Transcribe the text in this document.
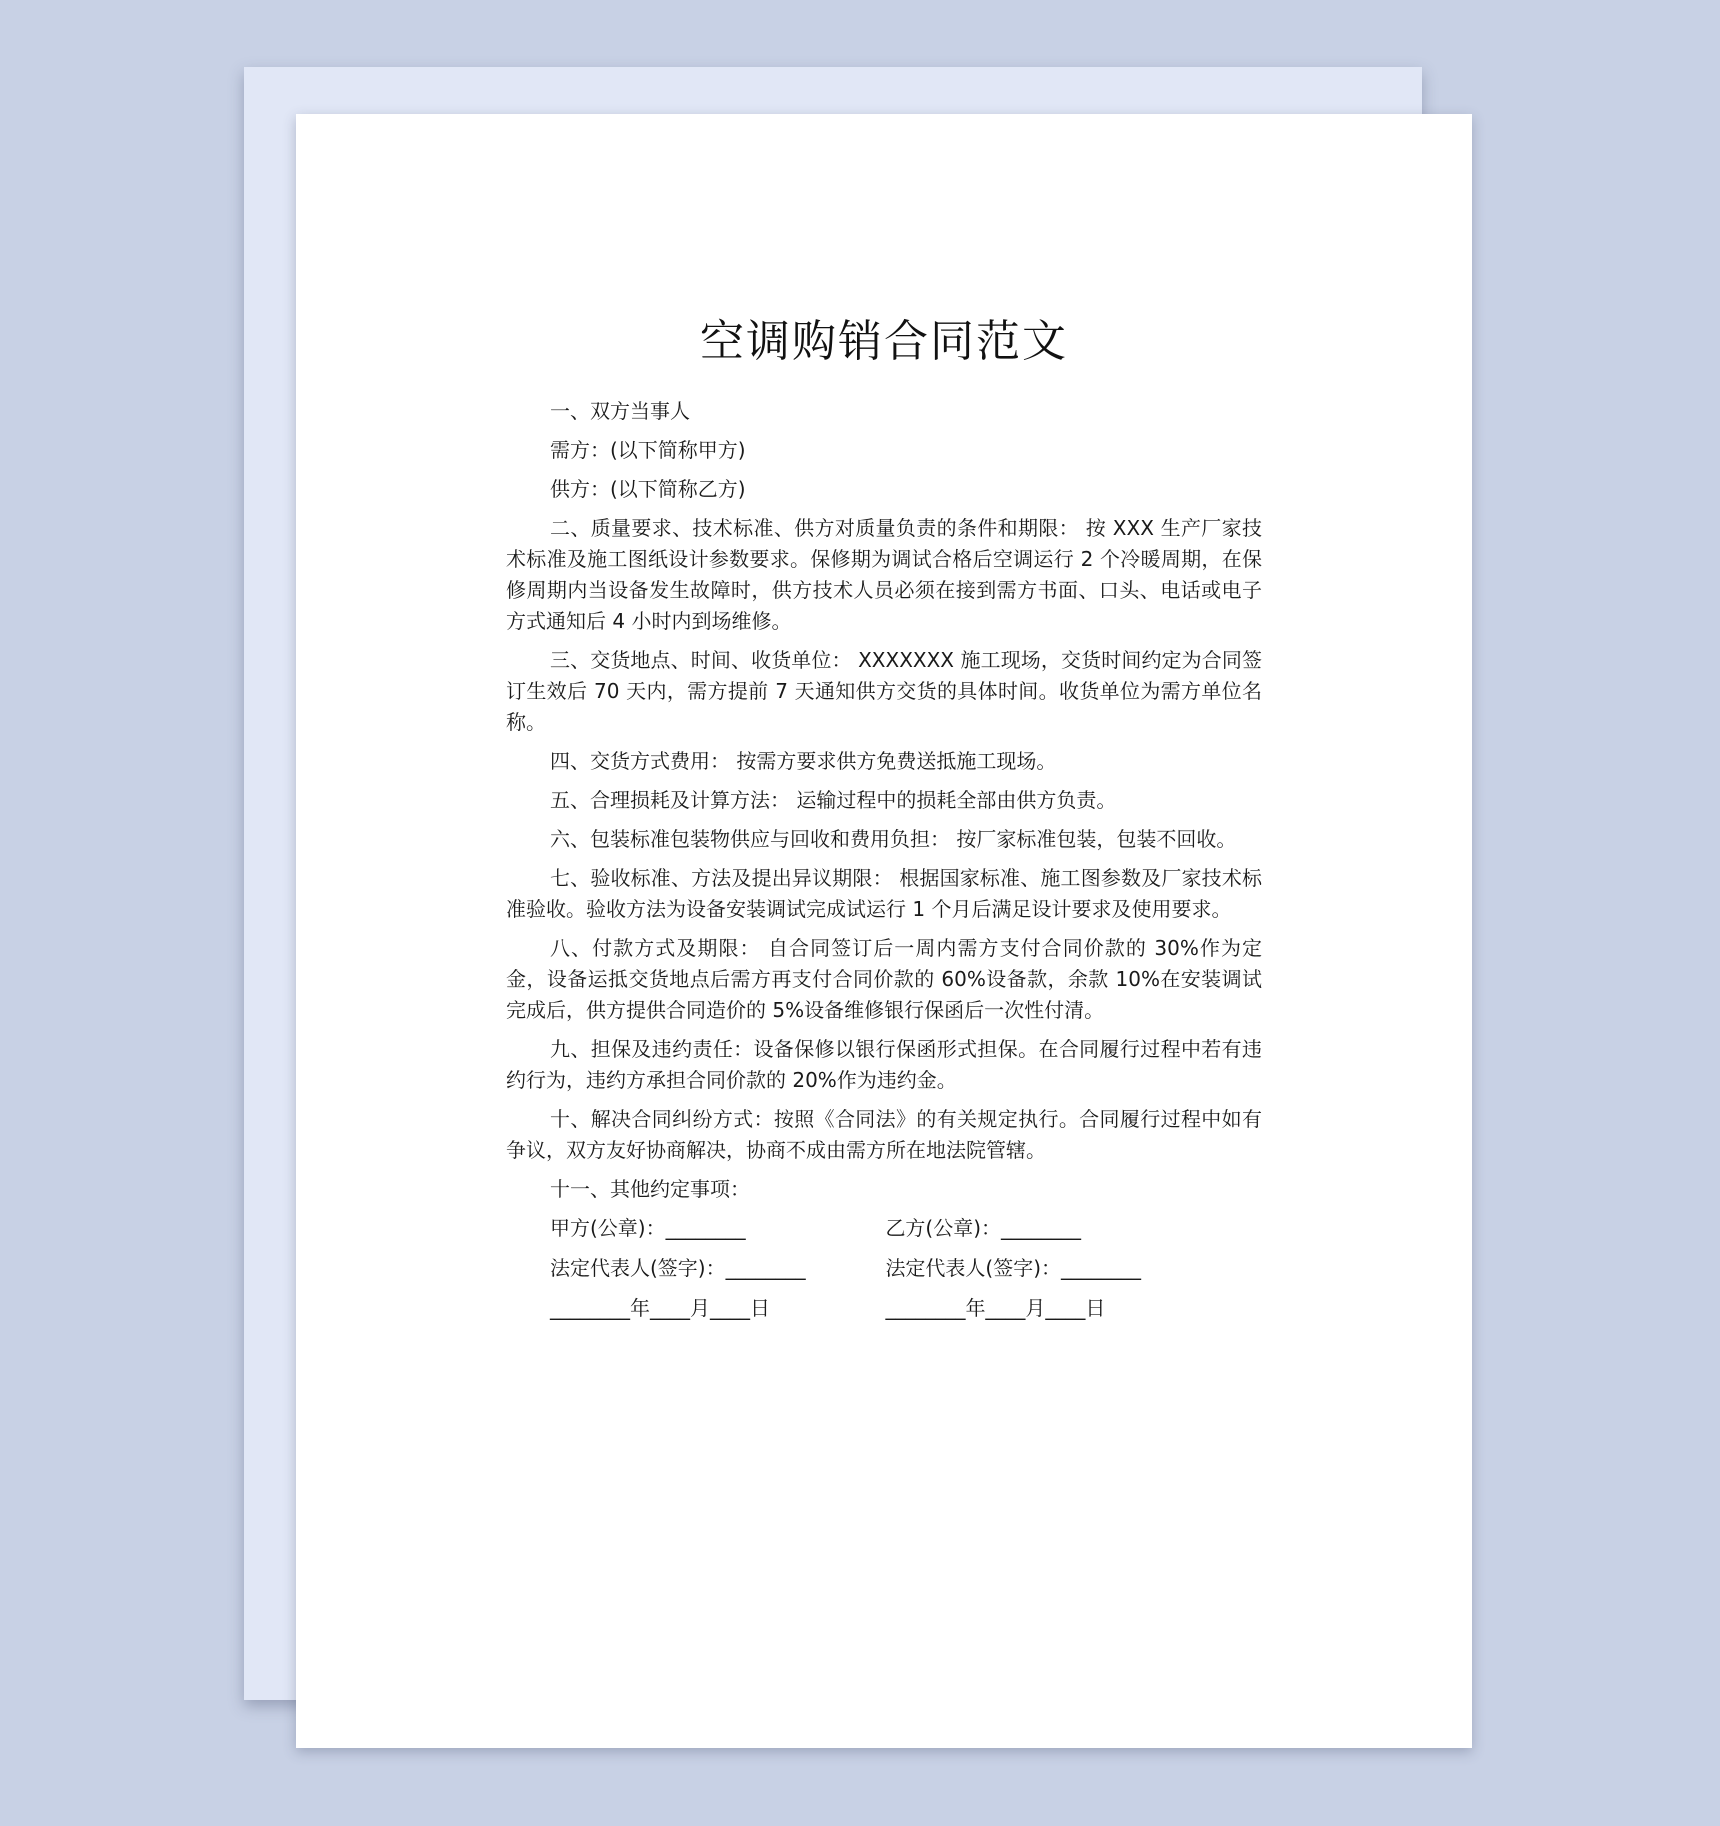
空调购销合同范文

一、双方当事人

需方：(以下简称甲方)

供方：(以下简称乙方)

二、质量要求、技术标准、供方对质量负责的条件和期限： 按 XXX 生产厂家技术标准及施工图纸设计参数要求。保修期为调试合格后空调运行 2 个冷暖周期，在保修周期内当设备发生故障时，供方技术人员必须在接到需方书面、口头、电话或电子方式通知后 4 小时内到场维修。

三、交货地点、时间、收货单位： XXXXXXX 施工现场，交货时间约定为合同签订生效后 70 天内，需方提前 7 天通知供方交货的具体时间。收货单位为需方单位名称。

四、交货方式费用： 按需方要求供方免费送抵施工现场。

五、合理损耗及计算方法： 运输过程中的损耗全部由供方负责。

六、包装标准包装物供应与回收和费用负担： 按厂家标准包装，包装不回收。

七、验收标准、方法及提出异议期限： 根据国家标准、施工图参数及厂家技术标准验收。验收方法为设备安装调试完成试运行 1 个月后满足设计要求及使用要求。

八、付款方式及期限： 自合同签订后一周内需方支付合同价款的 30%作为定金，设备运抵交货地点后需方再支付合同价款的 60%设备款，余款 10%在安装调试完成后，供方提供合同造价的 5%设备维修银行保函后一次性付清。

九、担保及违约责任：设备保修以银行保函形式担保。在合同履行过程中若有违约行为，违约方承担合同价款的 20%作为违约金。

十、解决合同纠纷方式：按照《合同法》的有关规定执行。合同履行过程中如有争议，双方友好协商解决，协商不成由需方所在地法院管辖。

十一、其他约定事项：

甲方(公章)：________	乙方(公章)：________
法定代表人(签字)：________	法定代表人(签字)：________
________年____月____日	________年____月____日
